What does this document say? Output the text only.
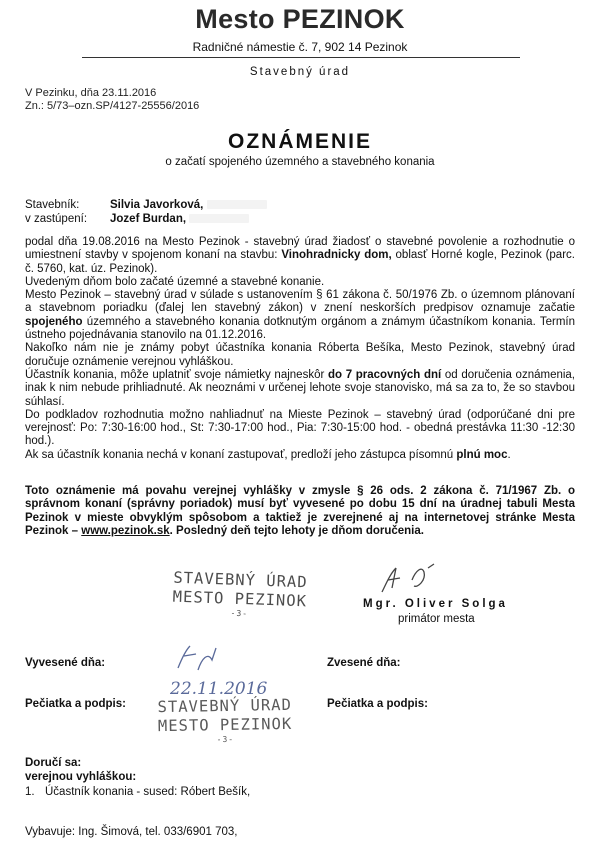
Mesto PEZINOK
Radničné námestie č. 7, 902 14 Pezinok
Stavebný úrad
V Pezinku, dňa 23.11.2016
Zn.: 5/73–ozn.SP/4127-25556/2016
OZNÁMENIE
o začatí spojeného územného a stavebného konania
Stavebník:	Silvia Javorková,
v zastúpení: Jozef Burdan,

podal dňa 19.08.2016 na Mesto Pezinok - stavebný úrad žiadosť o stavebné povolenie a rozhodnutie o umiestnení stavby v spojenom konaní na stavbu: Vinohradnicky dom, oblasť Horné kogle, Pezinok (parc. č. 5760, kat. úz. Pezinok).

Uvedeným dňom bolo začaté územné a stavebné konanie.

Mesto Pezinok – stavebný úrad v súlade s ustanovením § 61 zákona č. 50/1976 Zb. o územnom plánovaní a stavebnom poriadku (ďalej len stavebný zákon) v znení neskorších predpisov oznamuje začatie spojeného územného a stavebného konania dotknutým orgánom a známym účastníkom konania. Termín ústneho pojednávania stanovilo na 01.12.2016.

Nakoľko nám nie je známy pobyt účastníka konania Róberta Bešíka, Mesto Pezinok, stavebný úrad doručuje oznámenie verejnou vyhláškou.

Účastník konania, môže uplatniť svoje námietky najneskôr do 7 pracovných dní od doručenia oznámenia, inak k nim nebude prihliadnuté. Ak neoznámi v určenej lehote svoje stanovisko, má sa za to, že so stavbou súhlasí.

Do podkladov rozhodnutia možno nahliadnuť na Mieste Pezinok – stavebný úrad (odporúčané dni pre verejnosť: Po: 7:30-16:00 hod., St: 7:30-17:00 hod., Pia: 7:30-15:00 hod. - obedná prestávka 11:30 -12:30 hod.).

Ak sa účastník konania nechá v konaní zastupovať, predloží jeho zástupca písomnú plnú moc.

Toto oznámenie má povahu verejnej vyhlášky v zmysle § 26 ods. 2 zákona č. 71/1967 Zb. o správnom konaní (správny poriadok) musí byť vyvesené po dobu 15 dní na úradnej tabuli Mesta Pezinok v mieste obvyklým spôsobom a taktiež je zverejnené aj na internetovej stránke Mesta Pezinok – www.pezinok.sk. Posledný deň tejto lehoty je dňom doručenia.
STAVEBNÝ ÚRAD
MESTO PEZINOK
-3-
Mgr. Oliver Solga
primátor mesta
Vyvesené dňa:	Zvesené dňa:
22.11.2016
Pečiatka a podpis:	Pečiatka a podpis:
STAVEBNÝ ÚRAD
MESTO PEZINOK
-3-
Doručí sa:
verejnou vyhláškou:
1. Účastník konania - sused: Róbert Bešík,
Vybavuje: Ing. Šimová, tel. 033/6901 703,
